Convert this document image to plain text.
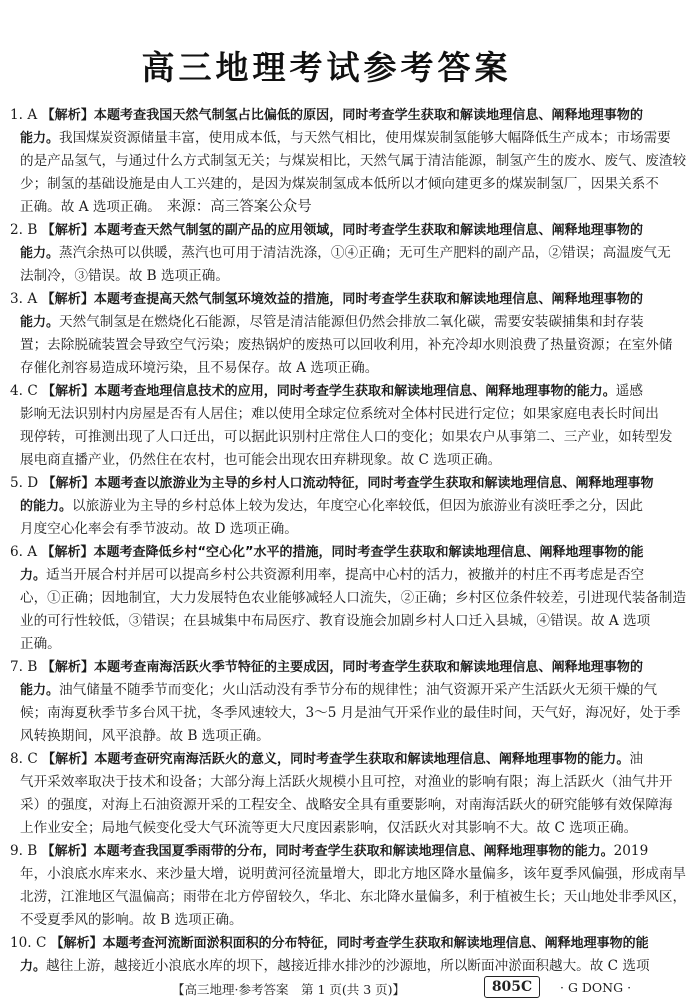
高三地理考试参考答案

1. A 【解析】本题考查我国天然气制氢占比偏低的原因，同时考查学生获取和解读地理信息、阐释地理事物的

能力。我国煤炭资源储量丰富，使用成本低，与天然气相比，使用煤炭制氢能够大幅降低生产成本；市场需要

的是产品氢气，与通过什么方式制氢无关；与煤炭相比，天然气属于清洁能源，制氢产生的废水、废气、废渣较

少；制氢的基础设施是由人工兴建的，是因为煤炭制氢成本低所以才倾向建更多的煤炭制氢厂，因果关系不

正确。故 A 选项正确。 来源：高三答案公众号

2. B 【解析】本题考查天然气制氢的副产品的应用领域，同时考查学生获取和解读地理信息、阐释地理事物的

能力。蒸汽余热可以供暖，蒸汽也可用于清洁洗涤，①④正确；无可生产肥料的副产品，②错误；高温废气无

法制冷，③错误。故 B 选项正确。

3. A 【解析】本题考查提高天然气制氢环境效益的措施，同时考查学生获取和解读地理信息、阐释地理事物的

能力。天然气制氢是在燃烧化石能源，尽管是清洁能源但仍然会排放二氧化碳，需要安装碳捕集和封存装

置；去除脱硫装置会导致空气污染；废热锅炉的废热可以回收利用，补充冷却水则浪费了热量资源；在室外储

存催化剂容易造成环境污染，且不易保存。故 A 选项正确。

4. C 【解析】本题考查地理信息技术的应用，同时考查学生获取和解读地理信息、阐释地理事物的能力。遥感

影响无法识别村内房屋是否有人居住；难以使用全球定位系统对全体村民进行定位；如果家庭电表长时间出

现停转，可推测出现了人口迁出，可以据此识别村庄常住人口的变化；如果农户从事第二、三产业，如转型发

展电商直播产业，仍然住在农村，也可能会出现农田弃耕现象。故 C 选项正确。

5. D 【解析】本题考查以旅游业为主导的乡村人口流动特征，同时考查学生获取和解读地理信息、阐释地理事物

的能力。以旅游业为主导的乡村总体上较为发达，年度空心化率较低，但因为旅游业有淡旺季之分，因此

月度空心化率会有季节波动。故 D 选项正确。

6. A 【解析】本题考查降低乡村“空心化”水平的措施，同时考查学生获取和解读地理信息、阐释地理事物的能

力。适当开展合村并居可以提高乡村公共资源利用率，提高中心村的活力，被撤并的村庄不再考虑是否空

心，①正确；因地制宜，大力发展特色农业能够减轻人口流失，②正确；乡村区位条件较差，引进现代装备制造

业的可行性较低，③错误；在县城集中布局医疗、教育设施会加剧乡村人口迁入县城，④错误。故 A 选项

正确。

7. B 【解析】本题考查南海活跃火季节特征的主要成因，同时考查学生获取和解读地理信息、阐释地理事物的

能力。油气储量不随季节而变化；火山活动没有季节分布的规律性；油气资源开采产生活跃火无须干燥的气

候；南海夏秋季节多台风干扰，冬季风速较大，3～5 月是油气开采作业的最佳时间，天气好，海况好，处于季

风转换期间，风平浪静。故 B 选项正确。

8. C 【解析】本题考查研究南海活跃火的意义，同时考查学生获取和解读地理信息、阐释地理事物的能力。油

气开采效率取决于技术和设备；大部分海上活跃火规模小且可控，对渔业的影响有限；海上活跃火（油气井开

采）的强度，对海上石油资源开采的工程安全、战略安全具有重要影响，对南海活跃火的研究能够有效保障海

上作业安全；局地气候变化受大气环流等更大尺度因素影响，仅活跃火对其影响不大。故 C 选项正确。

9. B 【解析】本题考查我国夏季雨带的分布，同时考查学生获取和解读地理信息、阐释地理事物的能力。2019

年，小浪底水库来水、来沙量大增，说明黄河径流量增大，即北方地区降水量偏多，该年夏季风偏强，形成南旱

北涝，江淮地区气温偏高；雨带在北方停留较久，华北、东北降水量偏多，利于植被生长；天山地处非季风区，

不受夏季风的影响。故 B 选项正确。

10. C 【解析】本题考查河流断面淤积面积的分布特征，同时考查学生获取和解读地理信息、阐释地理事物的能

力。越往上游，越接近小浪底水库的坝下，越接近排水排沙的沙源地，所以断面冲淤面积越大。故 C 选项

【高三地理·参考答案　第 1 页(共 3 页)】	805C	· G DONG ·
